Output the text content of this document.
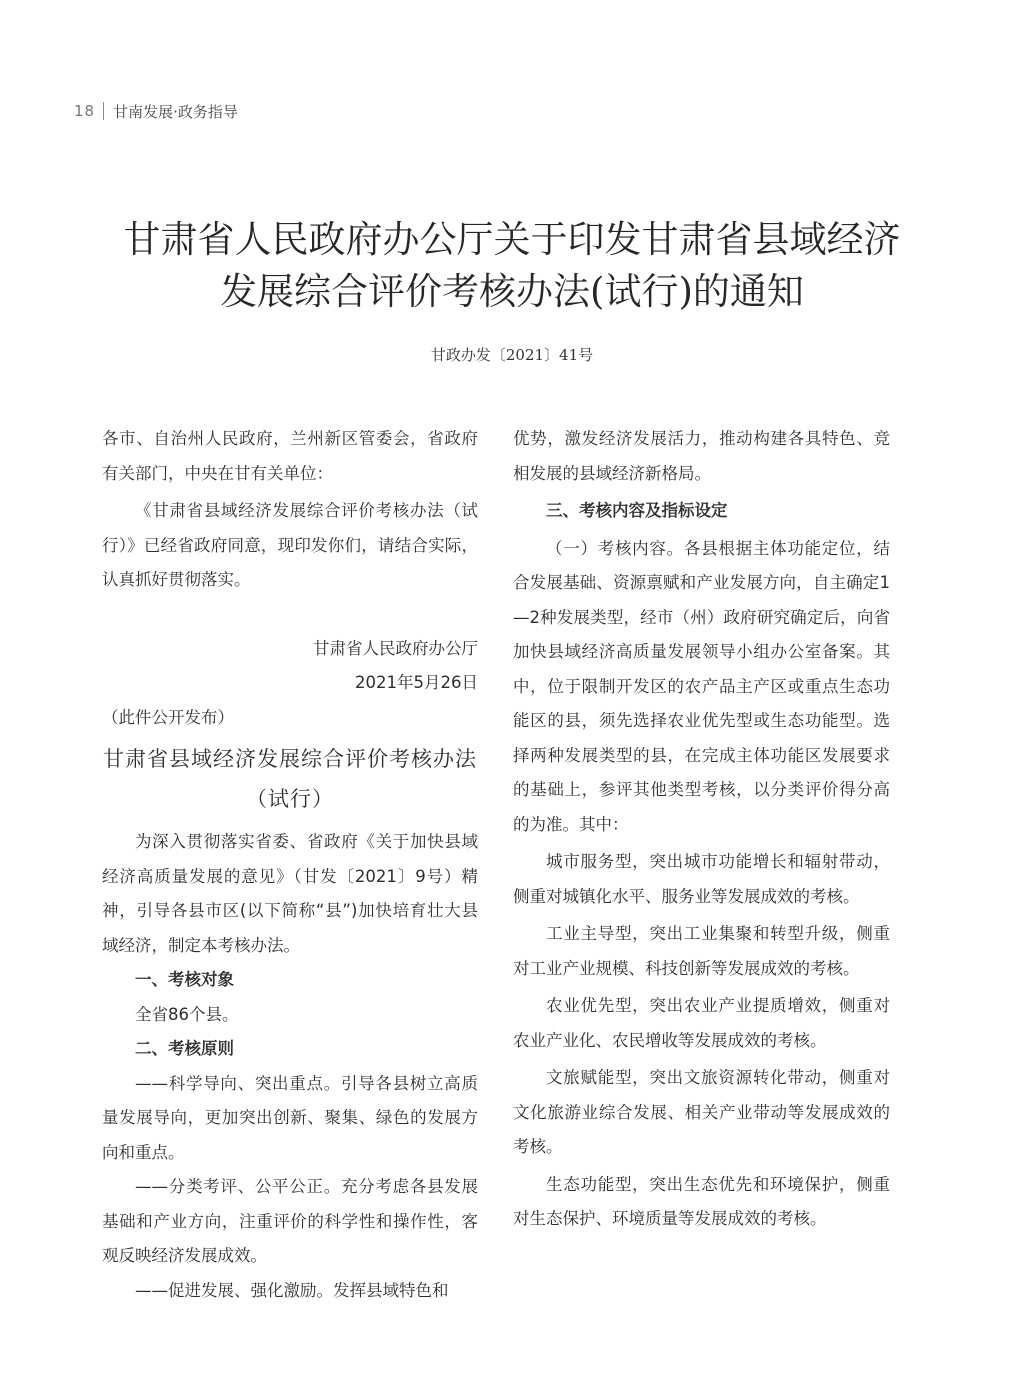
18 甘南发展·政务指导
甘肃省人民政府办公厅关于印发甘肃省县域经济
发展综合评价考核办法(试行)的通知
甘政办发〔2021〕41号

各市、自治州人民政府，兰州新区管委会，省政府有关部门，中央在甘有关单位：

《甘肃省县域经济发展综合评价考核办法（试行）》已经省政府同意，现印发你们，请结合实际，认真抓好贯彻落实。

甘肃省人民政府办公厅

2021年5月26日

（此件公开发布）

甘肃省县域经济发展综合评价考核办法
（试行）

为深入贯彻落实省委、省政府《关于加快县域经济高质量发展的意见》（甘发〔2021〕9号）精神，引导各县市区(以下简称“县”)加快培育壮大县域经济，制定本考核办法。

一、考核对象

全省86个县。

二、考核原则

——科学导向、突出重点。引导各县树立高质量发展导向，更加突出创新、聚集、绿色的发展方向和重点。

——分类考评、公平公正。充分考虑各县发展基础和产业方向，注重评价的科学性和操作性，客观反映经济发展成效。

——促进发展、强化激励。发挥县域特色和

优势，激发经济发展活力，推动构建各具特色、竞相发展的县域经济新格局。

三、考核内容及指标设定

（一）考核内容。各县根据主体功能定位，结合发展基础、资源禀赋和产业发展方向，自主确定1—2种发展类型，经市（州）政府研究确定后，向省加快县域经济高质量发展领导小组办公室备案。其中，位于限制开发区的农产品主产区或重点生态功能区的县，须先选择农业优先型或生态功能型。选择两种发展类型的县，在完成主体功能区发展要求的基础上，参评其他类型考核，以分类评价得分高的为准。其中：

城市服务型，突出城市功能增长和辐射带动，侧重对城镇化水平、服务业等发展成效的考核。

工业主导型，突出工业集聚和转型升级，侧重对工业产业规模、科技创新等发展成效的考核。

农业优先型，突出农业产业提质增效，侧重对农业产业化、农民增收等发展成效的考核。

文旅赋能型，突出文旅资源转化带动，侧重对文化旅游业综合发展、相关产业带动等发展成效的考核。

生态功能型，突出生态优先和环境保护，侧重对生态保护、环境质量等发展成效的考核。
